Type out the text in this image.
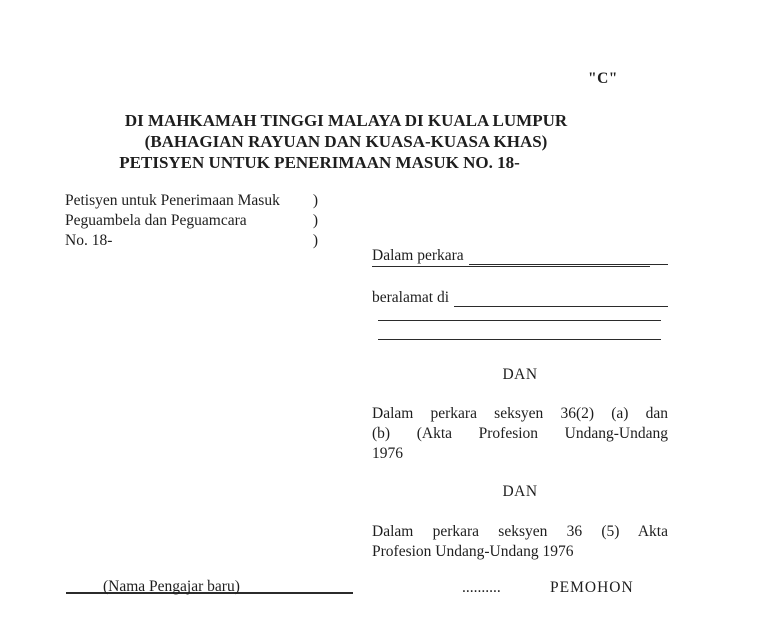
"C"
DI MAHKAMAH TINGGI MALAYA DI KUALA LUMPUR
(BAHAGIAN RAYUAN DAN KUASA-KUASA KHAS)
PETISYEN UNTUK PENERIMAAN MASUK NO. 18-
Petisyen untuk Penerimaan Masuk )
Peguambela dan Peguamcara	)
No. 18-	)
Dalam perkara
beralamat di
DAN
Dalam perkara seksyen 36(2) (a) dan
(b) (Akta Profesion Undang-Undang
1976
DAN
Dalam perkara seksyen 36 (5) Akta
Profesion Undang-Undang 1976
..........	PEMOHON
(Nama Pengajar baru)
